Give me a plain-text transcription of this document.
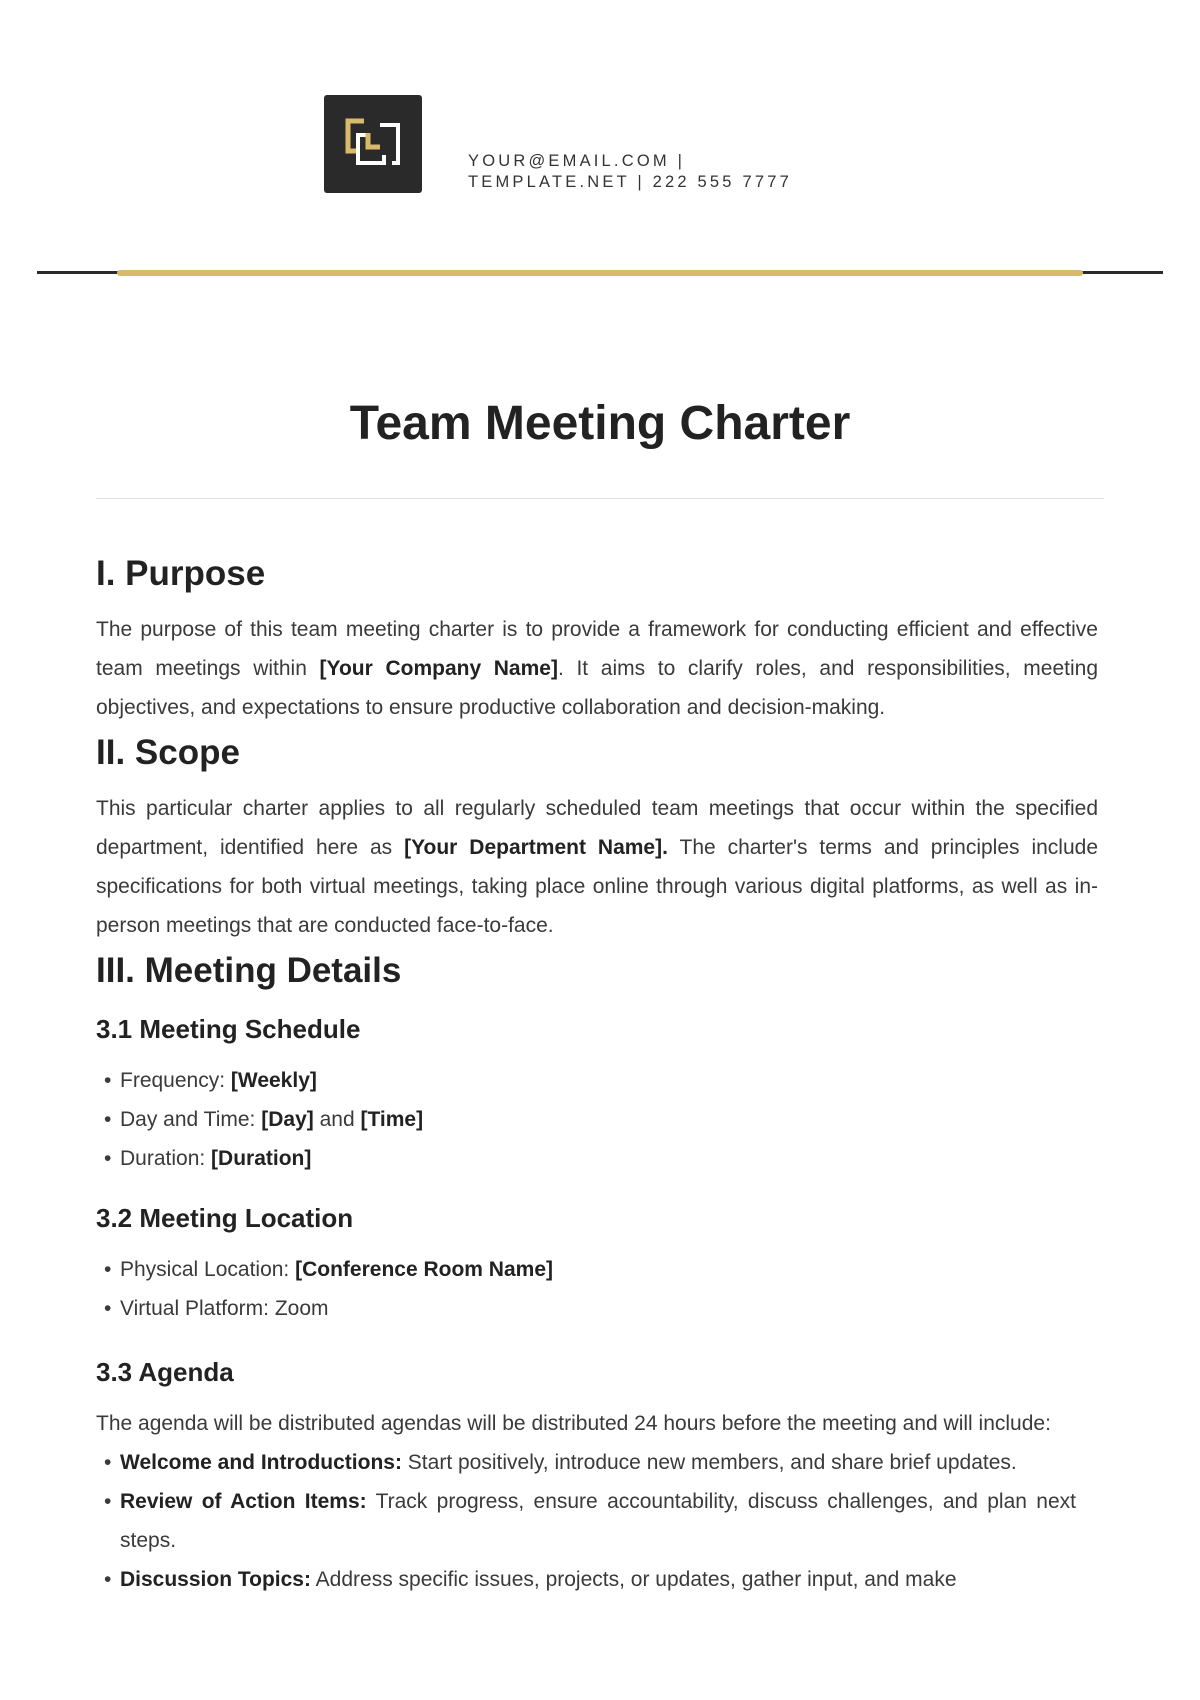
YOUR@EMAIL.COM |
TEMPLATE.NET | 222 555 7777
Team Meeting Charter
I. Purpose

The purpose of this team meeting charter is to provide a framework for conducting efficient and effective team meetings within [Your Company Name]. It aims to clarify roles, and responsibilities, meeting objectives, and expectations to ensure productive collaboration and decision-making.

II. Scope

This particular charter applies to all regularly scheduled team meetings that occur within the specified department, identified here as [Your Department Name]. The charter's terms and principles include specifications for both virtual meetings, taking place online through various digital platforms, as well as in-person meetings that are conducted face-to-face.

III. Meeting Details
3.1 Meeting Schedule
• Frequency: [Weekly]
• Day and Time: [Day] and [Time]
• Duration: [Duration]
3.2 Meeting Location
• Physical Location: [Conference Room Name]
• Virtual Platform: Zoom
3.3 Agenda

The agenda will be distributed agendas will be distributed 24 hours before the meeting and will include:

• Welcome and Introductions: Start positively, introduce new members, and share brief updates.
• Review of Action Items: Track progress, ensure accountability, discuss challenges, and plan next steps.
• Discussion Topics: Address specific issues, projects, or updates, gather input, and make
